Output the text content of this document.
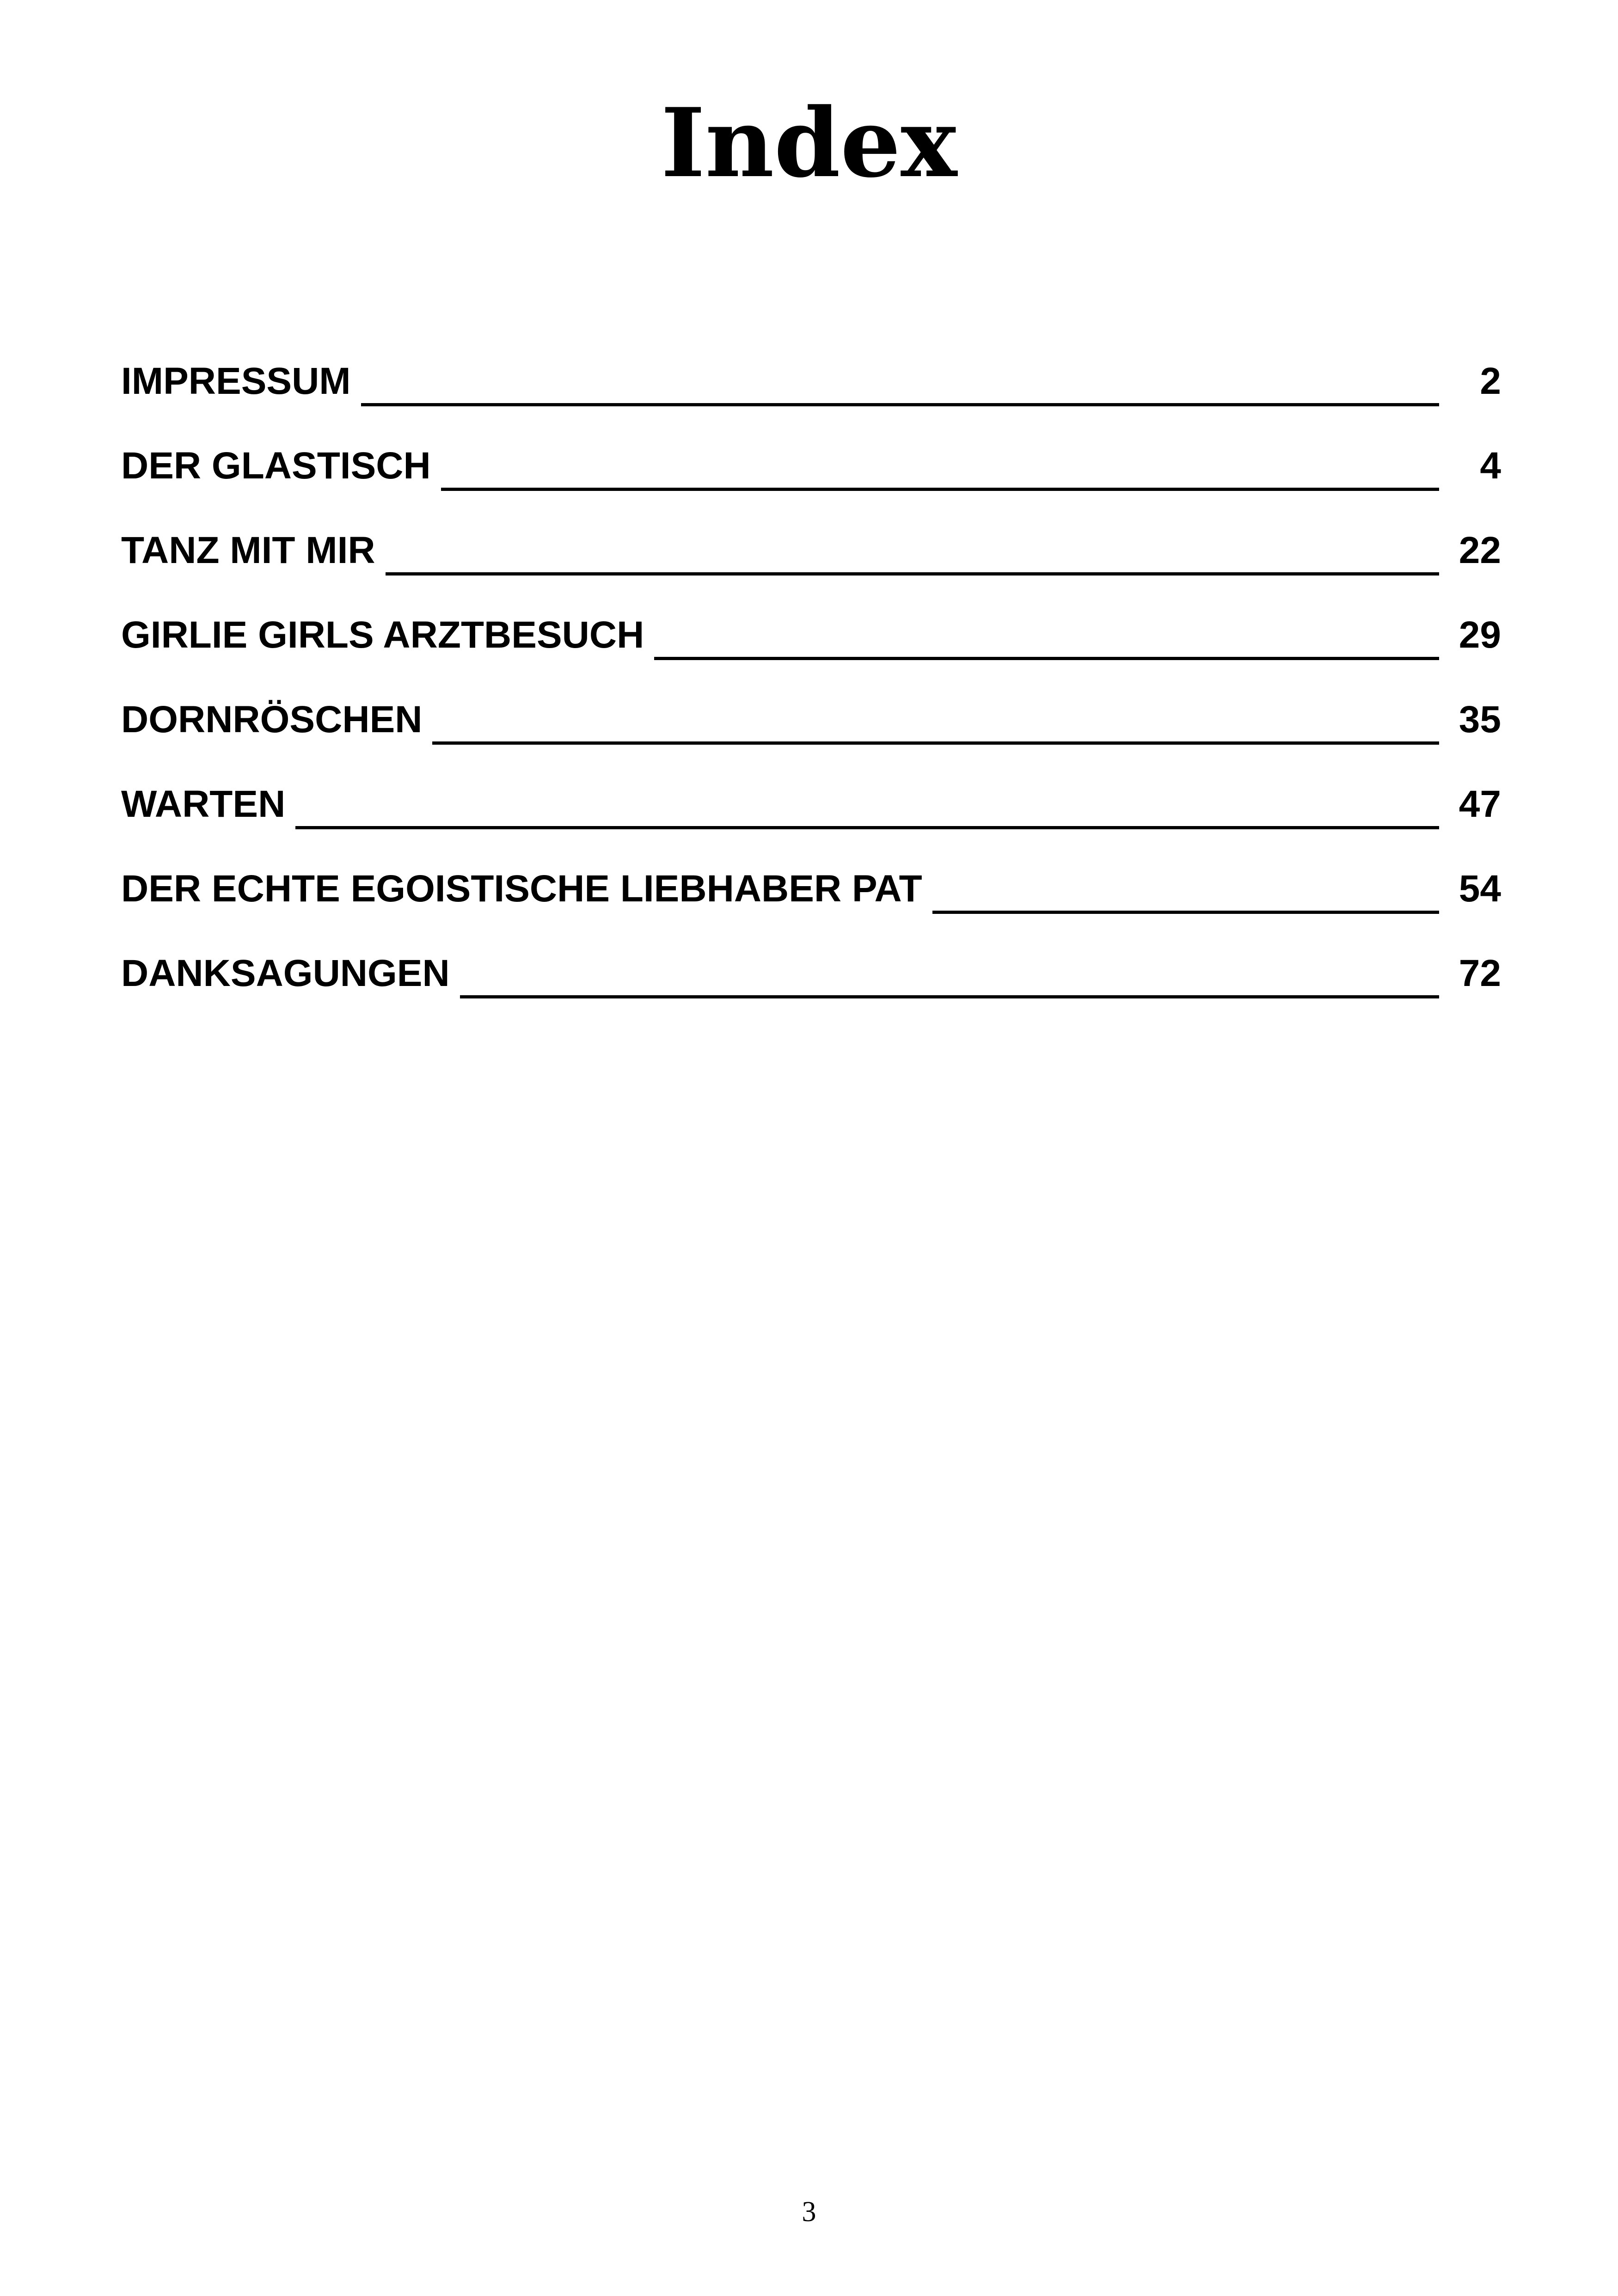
Index
IMPRESSUM	2
DER GLASTISCH	4
TANZ MIT MIR	22
GIRLIE GIRLS ARZTBESUCH	29
DORNRÖSCHEN	35
WARTEN	47
DER ECHTE EGOISTISCHE LIEBHABER PAT	54
DANKSAGUNGEN	72
3
